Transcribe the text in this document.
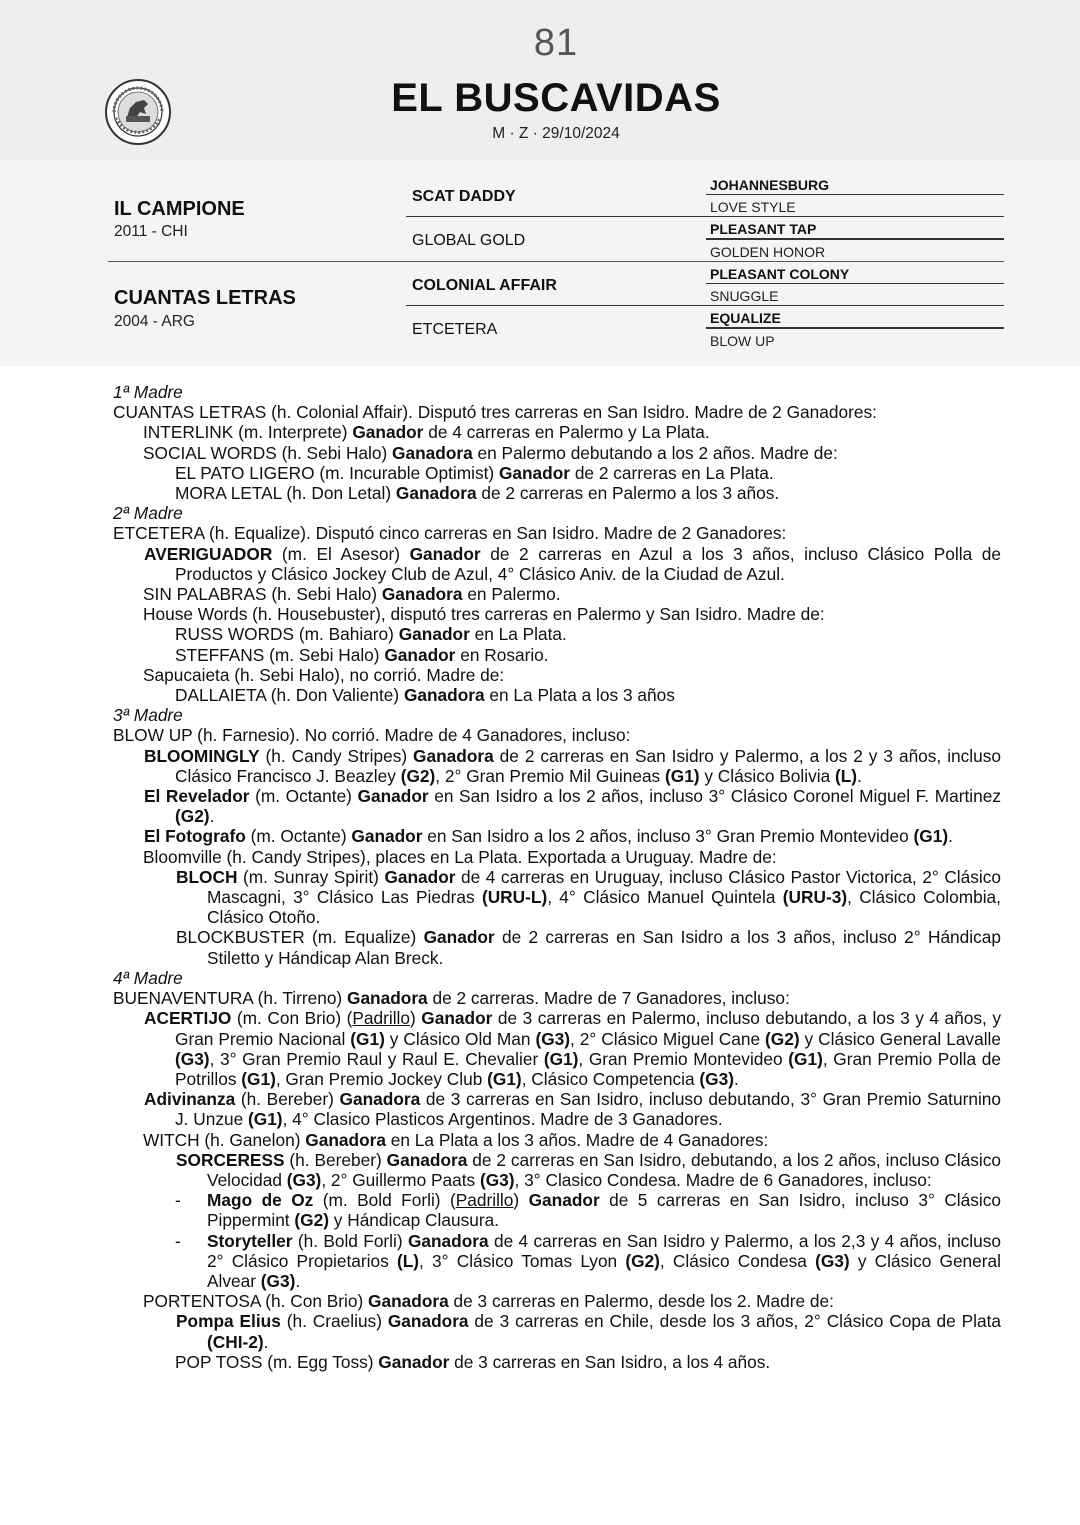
81
EL BUSCAVIDAS
M · Z · 29/10/2024
IL CAMPIONE
2011 - CHI
CUANTAS LETRAS
2004 - ARG
SCAT DADDY
GLOBAL GOLD
COLONIAL AFFAIR
ETCETERA
JOHANNESBURG
LOVE STYLE
PLEASANT TAP
GOLDEN HONOR
PLEASANT COLONY
SNUGGLE
EQUALIZE
BLOW UP

1ª Madre

CUANTAS LETRAS (h. Colonial Affair). Disputó tres carreras en San Isidro. Madre de 2 Ganadores:

INTERLINK (m. Interprete) Ganador de 4 carreras en Palermo y La Plata.

SOCIAL WORDS (h. Sebi Halo) Ganadora en Palermo debutando a los 2 años. Madre de:

EL PATO LIGERO (m. Incurable Optimist) Ganador de 2 carreras en La Plata.

MORA LETAL (h. Don Letal) Ganadora de 2 carreras en Palermo a los 3 años.

2ª Madre

ETCETERA (h. Equalize). Disputó cinco carreras en San Isidro. Madre de 2 Ganadores:

AVERIGUADOR (m. El Asesor) Ganador de 2 carreras en Azul a los 3 años, incluso Clásico Polla de Productos y Clásico Jockey Club de Azul, 4° Clásico Aniv. de la Ciudad de Azul.

SIN PALABRAS (h. Sebi Halo) Ganadora en Palermo.

House Words (h. Housebuster), disputó tres carreras en Palermo y San Isidro. Madre de:

RUSS WORDS (m. Bahiaro) Ganador en La Plata.

STEFFANS (m. Sebi Halo) Ganador en Rosario.

Sapucaieta (h. Sebi Halo), no corrió. Madre de:

DALLAIETA (h. Don Valiente) Ganadora en La Plata a los 3 años

3ª Madre

BLOW UP (h. Farnesio). No corrió. Madre de 4 Ganadores, incluso:

BLOOMINGLY (h. Candy Stripes) Ganadora de 2 carreras en San Isidro y Palermo, a los 2 y 3 años, incluso Clásico Francisco J. Beazley (G2), 2° Gran Premio Mil Guineas (G1) y Clásico Bolivia (L).

El Revelador (m. Octante) Ganador en San Isidro a los 2 años, incluso 3° Clásico Coronel Miguel F. Martinez (G2).

El Fotografo (m. Octante) Ganador en San Isidro a los 2 años, incluso 3° Gran Premio Montevideo (G1).

Bloomville (h. Candy Stripes), places en La Plata. Exportada a Uruguay. Madre de:

BLOCH (m. Sunray Spirit) Ganador de 4 carreras en Uruguay, incluso Clásico Pastor Victorica, 2° Clásico Mascagni, 3° Clásico Las Piedras (URU-L), 4° Clásico Manuel Quintela (URU-3), Clásico Colombia, Clásico Otoño.

BLOCKBUSTER (m. Equalize) Ganador de 2 carreras en San Isidro a los 3 años, incluso 2° Hándicap Stiletto y Hándicap Alan Breck.

4ª Madre

BUENAVENTURA (h. Tirreno) Ganadora de 2 carreras. Madre de 7 Ganadores, incluso:

ACERTIJO (m. Con Brio) (Padrillo) Ganador de 3 carreras en Palermo, incluso debutando, a los 3 y 4 años, y Gran Premio Nacional (G1) y Clásico Old Man (G3), 2° Clásico Miguel Cane (G2) y Clásico General Lavalle (G3), 3° Gran Premio Raul y Raul E. Chevalier (G1), Gran Premio Montevideo (G1), Gran Premio Polla de Potrillos (G1), Gran Premio Jockey Club (G1), Clásico Competencia (G3).

Adivinanza (h. Bereber) Ganadora de 3 carreras en San Isidro, incluso debutando, 3° Gran Premio Saturnino J. Unzue (G1), 4° Clasico Plasticos Argentinos. Madre de 3 Ganadores.

WITCH (h. Ganelon) Ganadora en La Plata a los 3 años. Madre de 4 Ganadores:

SORCERESS (h. Bereber) Ganadora de 2 carreras en San Isidro, debutando, a los 2 años, incluso Clásico Velocidad (G3), 2° Guillermo Paats (G3), 3° Clasico Condesa. Madre de 6 Ganadores, incluso:

- Mago de Oz (m. Bold Forli) (Padrillo) Ganador de 5 carreras en San Isidro, incluso 3° Clásico Pippermint (G2) y Hándicap Clausura.

- Storyteller (h. Bold Forli) Ganadora de 4 carreras en San Isidro y Palermo, a los 2,3 y 4 años, incluso 2° Clásico Propietarios (L), 3° Clásico Tomas Lyon (G2), Clásico Condesa (G3) y Clásico General Alvear (G3).

PORTENTOSA (h. Con Brio) Ganadora de 3 carreras en Palermo, desde los 2. Madre de:

Pompa Elius (h. Craelius) Ganadora de 3 carreras en Chile, desde los 3 años, 2° Clásico Copa de Plata (CHI-2).

POP TOSS (m. Egg Toss) Ganador de 3 carreras en San Isidro, a los 4 años.
